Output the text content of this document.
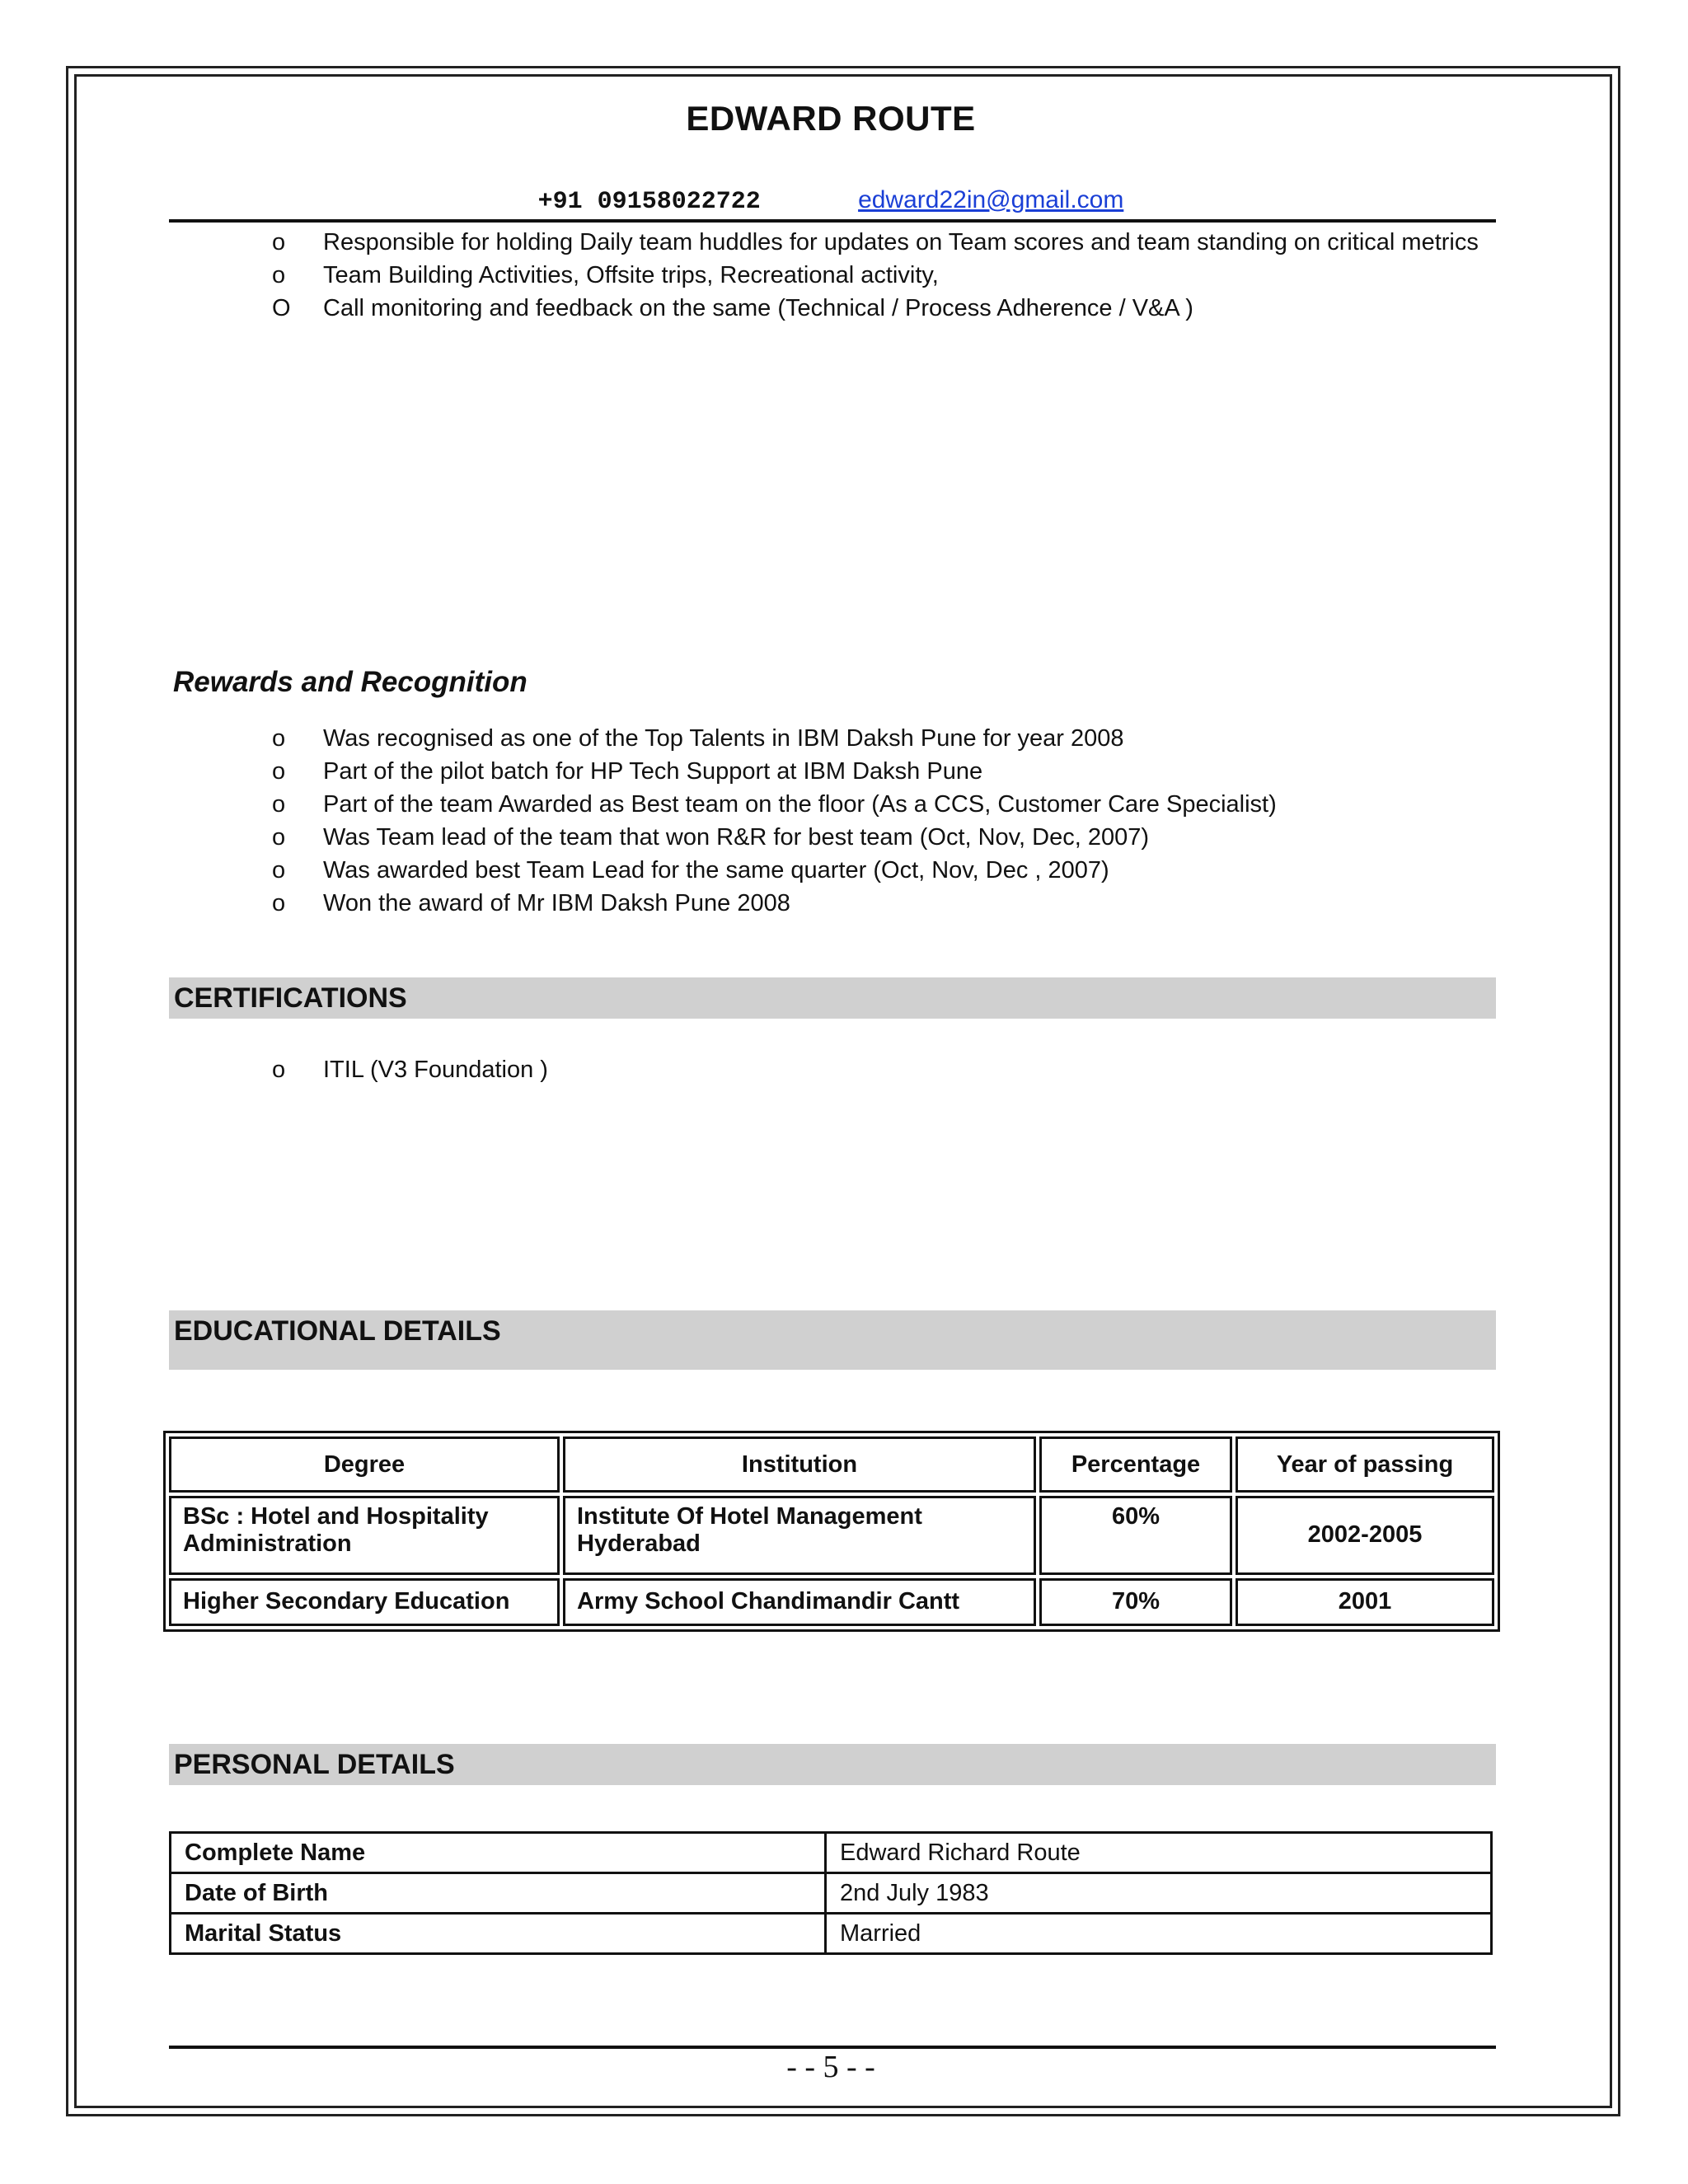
EDWARD ROUTE
+91 09158022722	edward22in@gmail.com
o Responsible for holding Daily team huddles for updates on Team scores and team standing on critical metrics
o Team Building Activities, Offsite trips, Recreational activity,
O Call monitoring and feedback on the same (Technical / Process Adherence / V&A )
Rewards and Recognition
o Was recognised as one of the Top Talents in IBM Daksh Pune for year 2008
o Part of the pilot batch for HP Tech Support at IBM Daksh Pune
o Part of the team Awarded as Best team on the floor (As a CCS, Customer Care Specialist)
o Was Team lead of the team that won R&R for best team (Oct, Nov, Dec, 2007)
o Was awarded best Team Lead for the same quarter (Oct, Nov, Dec , 2007)
o Won the award of Mr IBM Daksh Pune 2008
CERTIFICATIONS
o ITIL (V3 Foundation )
EDUCATIONAL DETAILS
Degree	Institution	Percentage	Year of passing
BSc : Hotel and Hospitality Administration	Institute Of Hotel Management Hyderabad	60%	2002-2005
Higher Secondary Education	Army School Chandimandir Cantt	70%	2001
PERSONAL DETAILS
Complete Name	Edward Richard Route
Date of Birth	2nd July 1983
Marital Status	Married
- - 5 - -
